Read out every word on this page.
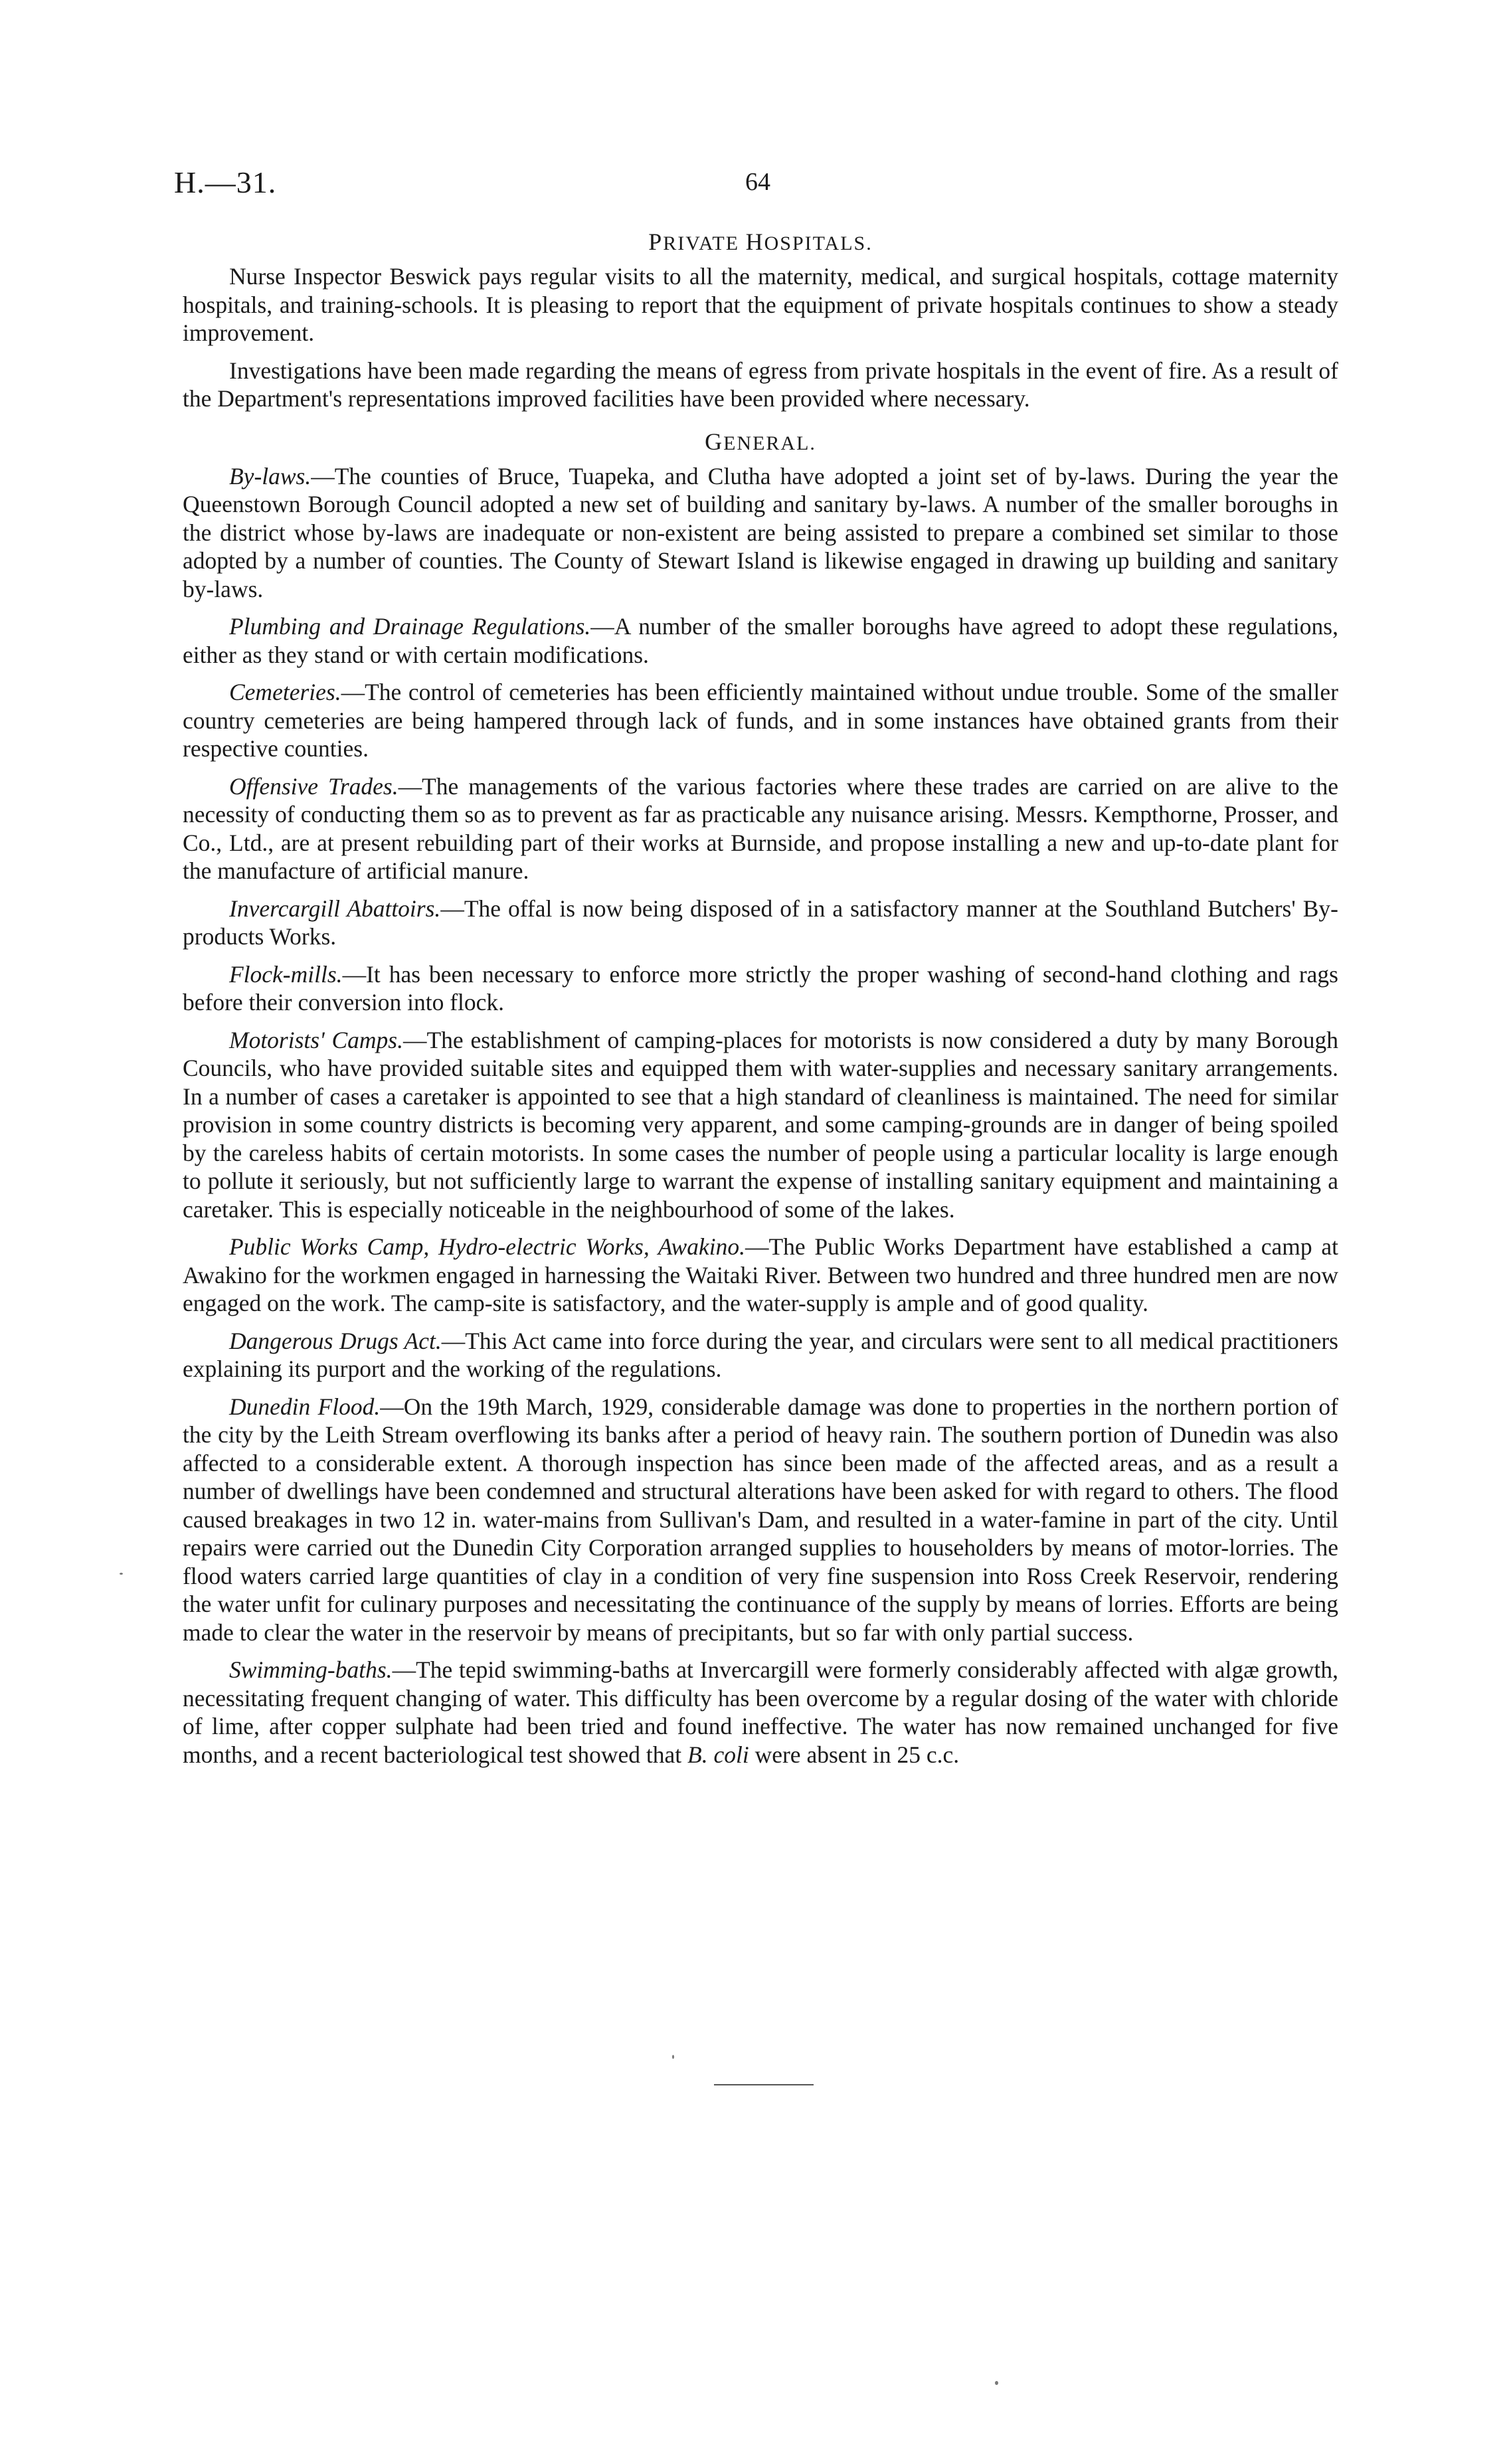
H.—31.	64
PRIVATE HOSPITALS.

Nurse Inspector Beswick pays regular visits to all the maternity, medical, and surgical hospitals, cottage maternity hospitals, and training-schools. It is pleasing to report that the equipment of private hospitals continues to show a steady improvement.

Investigations have been made regarding the means of egress from private hospitals in the event of fire. As a result of the Department's representations improved facilities have been provided where necessary.

GENERAL.

By-laws.—The counties of Bruce, Tuapeka, and Clutha have adopted a joint set of by-laws. During the year the Queenstown Borough Council adopted a new set of building and sanitary by-laws. A number of the smaller boroughs in the district whose by-laws are inadequate or non-existent are being assisted to prepare a combined set similar to those adopted by a number of counties. The County of Stewart Island is likewise engaged in drawing up building and sanitary by-laws.

Plumbing and Drainage Regulations.—A number of the smaller boroughs have agreed to adopt these regulations, either as they stand or with certain modifications.

Cemeteries.—The control of cemeteries has been efficiently maintained without undue trouble. Some of the smaller country cemeteries are being hampered through lack of funds, and in some instances have obtained grants from their respective counties.

Offensive Trades.—The managements of the various factories where these trades are carried on are alive to the necessity of conducting them so as to prevent as far as practicable any nuisance arising. Messrs. Kempthorne, Prosser, and Co., Ltd., are at present rebuilding part of their works at Burnside, and propose installing a new and up-to-date plant for the manufacture of artificial manure.

Invercargill Abattoirs.—The offal is now being disposed of in a satisfactory manner at the Southland Butchers' By-products Works.

Flock-mills.—It has been necessary to enforce more strictly the proper washing of second-hand clothing and rags before their conversion into flock.

Motorists' Camps.—The establishment of camping-places for motorists is now considered a duty by many Borough Councils, who have provided suitable sites and equipped them with water-supplies and necessary sanitary arrangements. In a number of cases a caretaker is appointed to see that a high standard of cleanliness is maintained. The need for similar provision in some country districts is becoming very apparent, and some camping-grounds are in danger of being spoiled by the careless habits of certain motorists. In some cases the number of people using a particular locality is large enough to pollute it seriously, but not sufficiently large to warrant the expense of installing sanitary equipment and maintaining a caretaker. This is especially noticeable in the neighbourhood of some of the lakes.

Public Works Camp, Hydro-electric Works, Awakino.—The Public Works Department have established a camp at Awakino for the workmen engaged in harnessing the Waitaki River. Between two hundred and three hundred men are now engaged on the work. The camp-site is satisfactory, and the water-supply is ample and of good quality.

Dangerous Drugs Act.—This Act came into force during the year, and circulars were sent to all medical practitioners explaining its purport and the working of the regulations.

Dunedin Flood.—On the 19th March, 1929, considerable damage was done to properties in the northern portion of the city by the Leith Stream overflowing its banks after a period of heavy rain. The southern portion of Dunedin was also affected to a considerable extent. A thorough inspection has since been made of the affected areas, and as a result a number of dwellings have been condemned and structural alterations have been asked for with regard to others. The flood caused breakages in two 12 in. water-mains from Sullivan's Dam, and resulted in a water-famine in part of the city. Until repairs were carried out the Dunedin City Corporation arranged supplies to householders by means of motor-lorries. The flood waters carried large quantities of clay in a condition of very fine suspension into Ross Creek Reservoir, rendering the water unfit for culinary purposes and necessitating the continuance of the supply by means of lorries. Efforts are being made to clear the water in the reservoir by means of precipitants, but so far with only partial success.

Swimming-baths.—The tepid swimming-baths at Invercargill were formerly considerably affected with algæ growth, necessitating frequent changing of water. This difficulty has been overcome by a regular dosing of the water with chloride of lime, after copper sulphate had been tried and found ineffective. The water has now remained unchanged for five months, and a recent bacteriological test showed that B. coli were absent in 25 c.c.
